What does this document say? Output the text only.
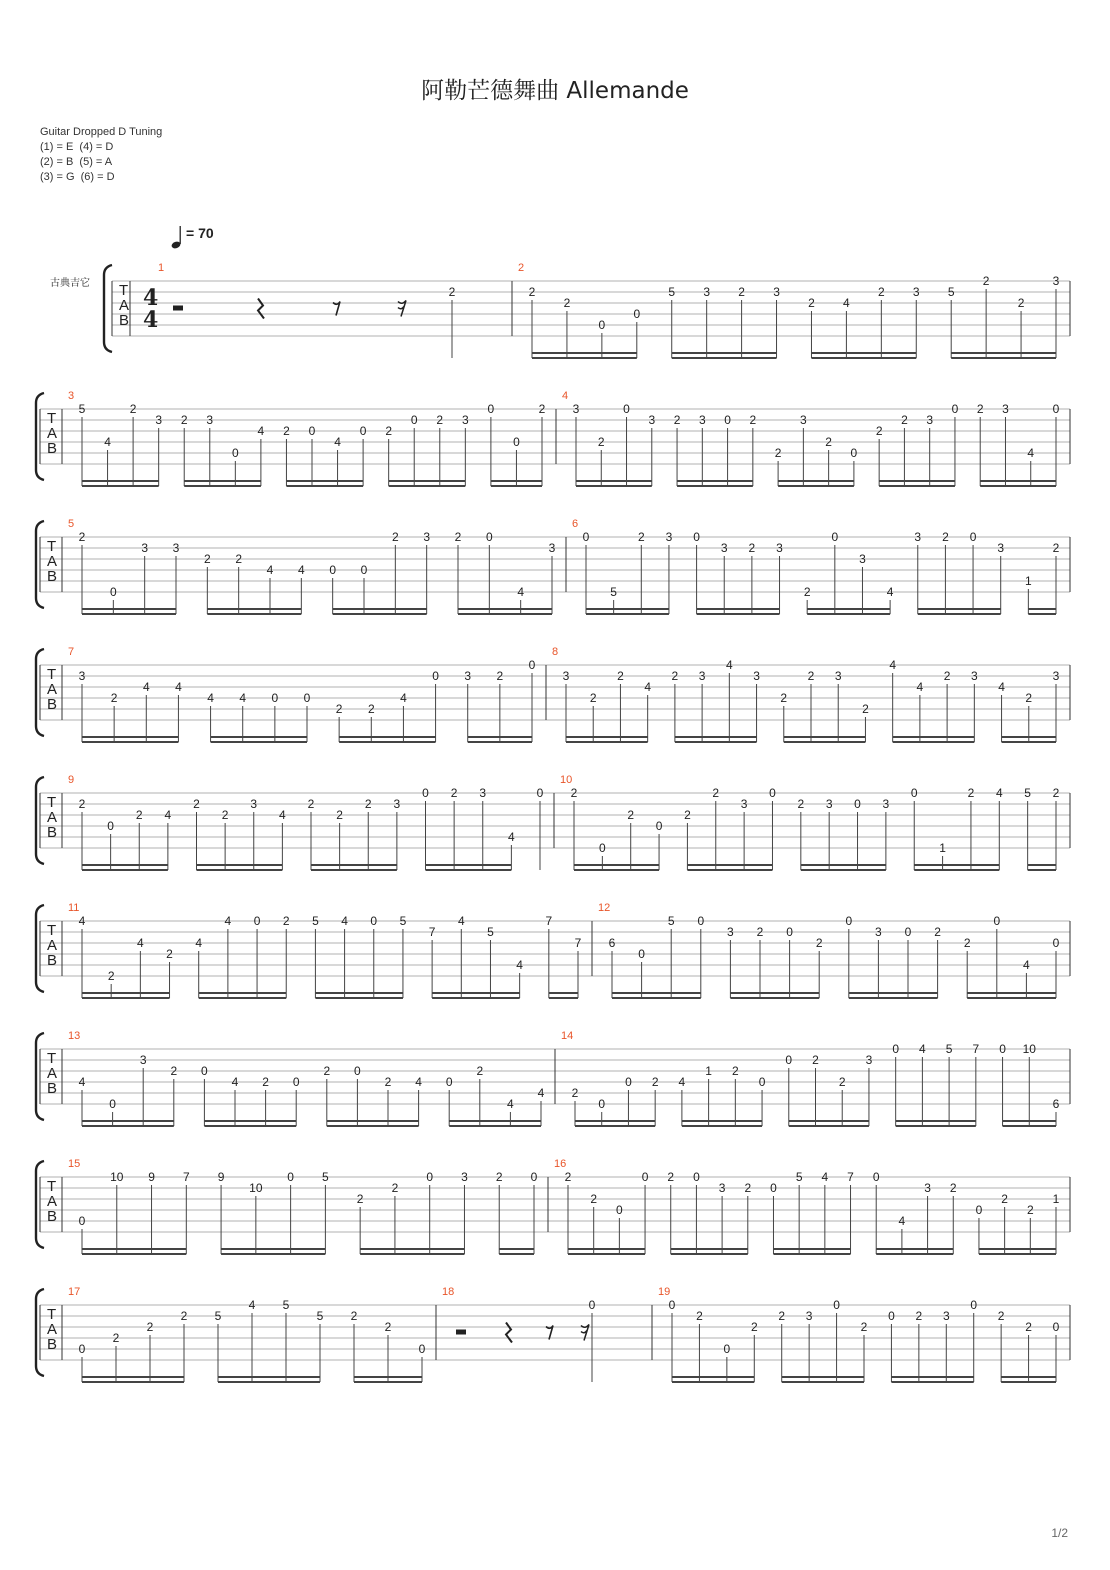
阿勒芒德舞曲 Allemande
Guitar Dropped D Tuning
(1) = E  (4) = D
(2) = B  (5) = A
(3) = G  (6) = D
= 70
古典吉它 T
A
B
4
4
1
2
2
2
2
0
0
5 3 2 3
2 4
2 3 5
2
2
3
T
A
B
3
5
4
2
3 2 3
0
4 2 0
4
0 2
0 2 3
0
0
2
4
3
2
0
3 2 3 0 2
2
3
2
0
2
2 3
0 2 3
4
0
T
A
B
5
2
0
3 3
2 2
4 4 0 0
2 3 2 0
4
3
6
0
5
2 3 0
3 2 3
2
0
3
4
3 2 0
3
1
2
T
A
B
7
3
2
4 4
4 4 0 0
2 2
4
0 3 2
0
8
3
2
2
4
2 3
4
3
2
2 3
2
4
4
2 3
4
2
3
T
A
B
9
2
0
2 4
2
2
3
4
2
2
2 3
0 2 3
4
0
10
2
0
2
0
2
2
3
0
2 3 0 3
0
1
2 4 5 2
T
A
B
11
4
2
4
2
4
4 0 2 5 4 0 5
7
4
5
4
7
7
12
6
0
5 0
3 2 0
2
0
3 0 2
2
0
4
0
T
A
B
13
4
0
3
2 0
4 2 0
2 0
2 4 0
2
4
4
14
2
0
0 2 4
1 2
0
0 2
2
3
0 4 5 7 0 10
6
T
A
B
15
0
10 9 7 9
10
0 5
2
2
0 3 2 0
16
2
2
0
0 2 0
3 2 0
5 4 7 0
4
3 2
0
2
2
1
T
A
B
17
0
2
2
2 5
4 5
5 2
2
0
18
0
19
0
2
0
2
2 3
0
2
0 2 3
0
2
2 0
1/2
